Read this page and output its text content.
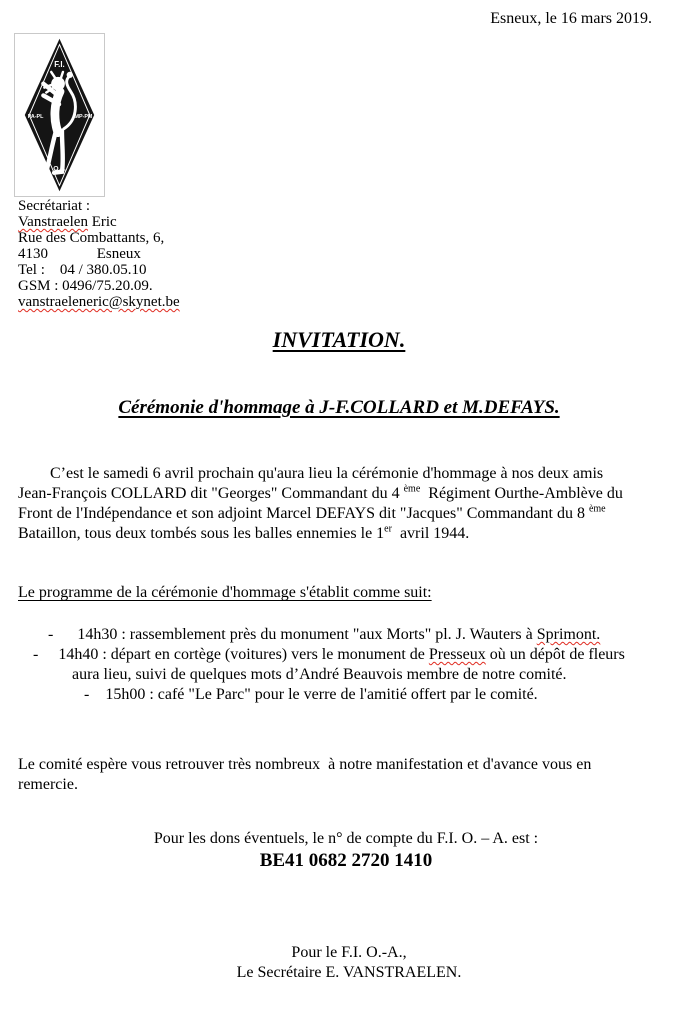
Esneux, le 16 mars 2019.
F.I.
PA-PL	MP-PM
O.F.
Secrétariat :
Vanstraelen Eric
Rue des Combattants, 6,
4130             Esneux
Tel :    04 / 380.05.10
GSM : 0496/75.20.09.
vanstraeleneric@skynet.be
INVITATION.
Cérémonie d'hommage à J-F.COLLARD et M.DEFAYS.
C’est le samedi 6 avril prochain qu'aura lieu la cérémonie d'hommage à nos deux amis
Jean-François COLLARD dit "Georges" Commandant du 4 $^{ème}$  Régiment Ourthe-Amblève du
Front de l'Indépendance et son adjoint Marcel DEFAYS dit "Jacques" Commandant du 8 $^{ème}$
Bataillon, tous deux tombés sous les balles ennemies le 1er  avril 1944.
Le programme de la cérémonie d'hommage s'établit comme suit:
-      14h30 : rassemblement près du monument "aux Morts" pl. J. Wauters à Sprimont.
-     14h40 : départ en cortège (voitures) vers le monument de Presseux où un dépôt de fleurs
aura lieu, suivi de quelques mots d’André Beauvois membre de notre comité.
-    15h00 : café "Le Parc" pour le verre de l'amitié offert par le comité.
Le comité espère vous retrouver très nombreux  à notre manifestation et d'avance vous en
remercie.
Pour les dons éventuels, le n° de compte du F.I. O. – A. est :
BE41 0682 2720 1410
Pour le F.I. O.-A.,
Le Secrétaire E. VANSTRAELEN.
